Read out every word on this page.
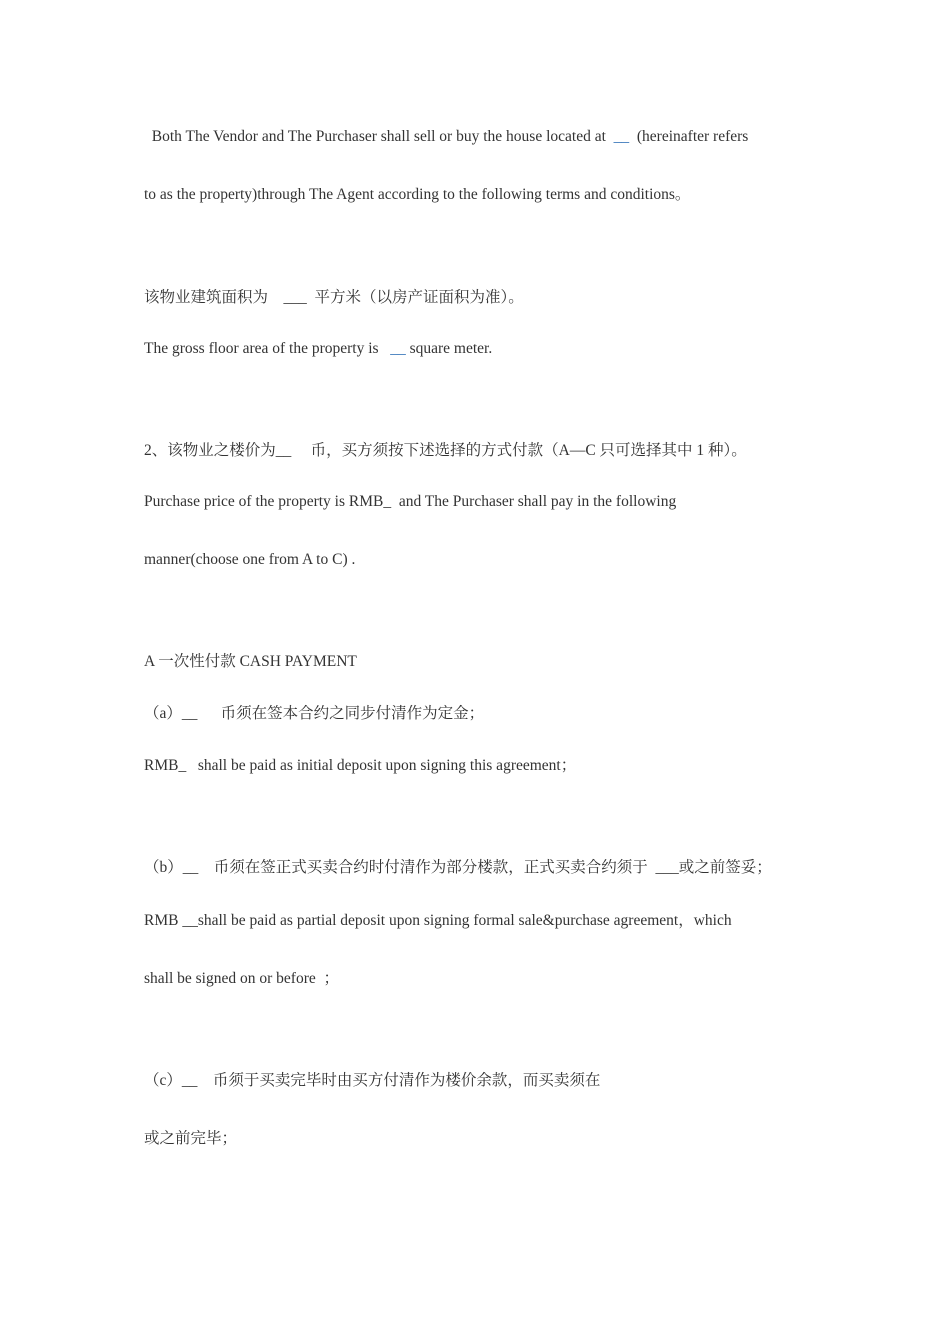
Both The Vendor and The Purchaser shall sell or buy the house located at  __  (hereinafter refers
to as the property)through The Agent according to the following terms and conditions。
该物业建筑面积为    ___  平方米（以房产证面积为准）。
The gross floor area of the property is   __ square meter.
2、该物业之楼价为__     币，买方须按下述选择的方式付款（A—C 只可选择其中 1 种）。
Purchase price of the property is RMB_  and The Purchaser shall pay in the following
manner(choose one from A to C) .
A 一次性付款 CASH PAYMENT
（a）__      币须在签本合约之同步付清作为定金；
RMB_   shall be paid as initial deposit upon signing this agreement；
（b）__    币须在签正式买卖合约时付清作为部分楼款，正式买卖合约须于  ___或之前签妥；
RMB __shall be paid as partial deposit upon signing formal sale&purchase agreement，which
shall be signed on or before  ；
（c）__    币须于买卖完毕时由买方付清作为楼价余款，而买卖须在
或之前完毕；
